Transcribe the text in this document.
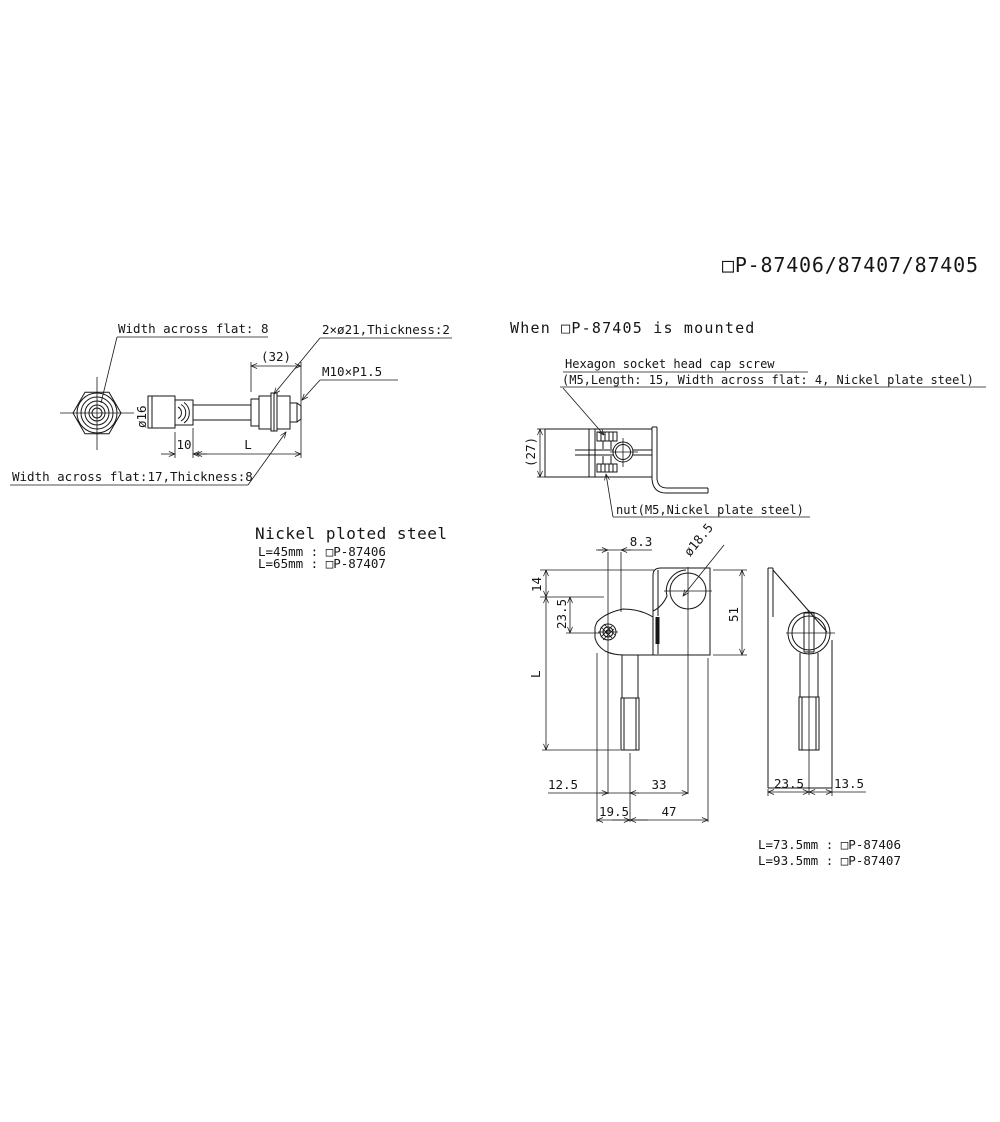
□P-87406/87407/87405
(32)
10	L
ø16
Width across flat: 8	2×ø21,Thickness:2
M10×P1.5
Width across flat:17,Thickness:8
Nickel ploted steel
L=45mm : □P-87406
L=65mm : □P-87407
When □P-87405 is mounted
Hexagon socket head cap screw
(M5,Length: 15, Width across flat: 4, Nickel plate steel)
(27)
nut(M5,Nickel plate steel)
8.3 ø18.5
14
23.5
L
51
12.5	33
19.5	47
23.5 13.5
L=73.5mm : □P-87406
L=93.5mm : □P-87407
